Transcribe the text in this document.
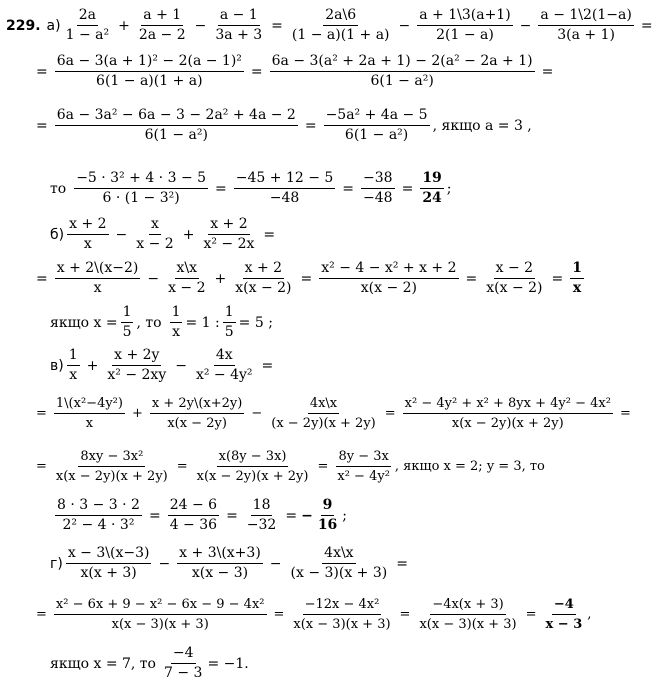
229. $а) \frac{2a}{\text{1 − a²}} + \frac{a + 1}{2a - 2} - \frac{a - 1}{3a + 3} = \frac{2a\backslash 6}{(1 - a)(1 + a)} - \frac{a + 1\backslash 3(a+1)}{2(1 - a)} - \frac{a - 1\backslash 2(1-a)}{3(a + 1)}$ =
= $\frac{\text{6a − 3(a + 1)² − 2(a − 1)²}}{6(1 - a)(1 + a)} = \frac{\text{6a − 3(a² + 2a + 1) − 2(a² − 2a + 1)}}{\text{6(1 − a²)}}$ =
= $\frac{\text{6a − 3a² − 6a − 3 − 2a² + 4a − 2}}{\text{6(1 − a²)}} = \frac{\text{−5a² + 4a − 5}}{\text{6(1 − a²)}}$ , якщо a = 3 ,
то $\frac{\text{−5 · 3² + 4 · 3 − 5}}{\text{6 · (1 − 3²)}} = \frac{-45 + 12 - 5}{-48} = \frac{-38}{-48} = \frac{19}{24}$ ;
$б) \frac{x + 2}{x} - \frac{x}{x - 2} + \frac{x + 2}{\text{x² − 2x}}$ =
= $\frac{x + 2\backslash(x-2)}{x} - \frac{x\backslash x}{x - 2} + \frac{x + 2}{x(x - 2)} = \frac{\text{x² − 4 − x² + x + 2}}{x(x - 2)} = \frac{x - 2}{x(x - 2)} = \frac{1}{x}$
якщо $x = \frac{1}{5}$ , то $\frac{1}{x} = 1$ : $\frac{1}{5} = 5$ ;
$в) \frac{1}{x} + \frac{x + 2y}{\text{x² − 2xy}} - \frac{4x}{\text{x² − 4y²}}$ =
= $\frac{\text{1\textbackslash{}(x²−4y²)}}{x} + \frac{x + 2y\backslash(x+2y)}{x(x - 2y)} - \frac{4x\backslash x}{(x - 2y)(x + 2y)} = \frac{\text{x² − 4y² + x² + 8yx + 4y² − 4x²}}{x(x - 2y)(x + 2y)}$ =
= $\frac{\text{8xy − 3x²}}{x(x - 2y)(x + 2y)} = \frac{x(8y - 3x)}{x(x - 2y)(x + 2y)} = \frac{8y - 3x}{\text{x² − 4y²}}$ , якщо x = 2; y = 3, то
$\frac{8 \cdot 3 - 3 \cdot 2}{\text{2² − 4 · 3²}} = \frac{24 - 6}{4 - 36} = \frac{18}{-32}$ = − $\frac{9}{16}$ ;
$г) \frac{x - 3\backslash(x-3)}{x(x + 3)} - \frac{x + 3\backslash(x+3)}{x(x - 3)} - \frac{4x\backslash x}{(x - 3)(x + 3)}$ =
= $\frac{\text{x² − 6x + 9 − x² − 6x − 9 − 4x²}}{x(x - 3)(x + 3)} = \frac{\text{−12x − 4x²}}{x(x - 3)(x + 3)} = \frac{-4x(x + 3)}{x(x - 3)(x + 3)} = \frac{-4}{x - 3}$ ,
якщо x = 7, то $\frac{-4}{7 - 3} = -1$.
